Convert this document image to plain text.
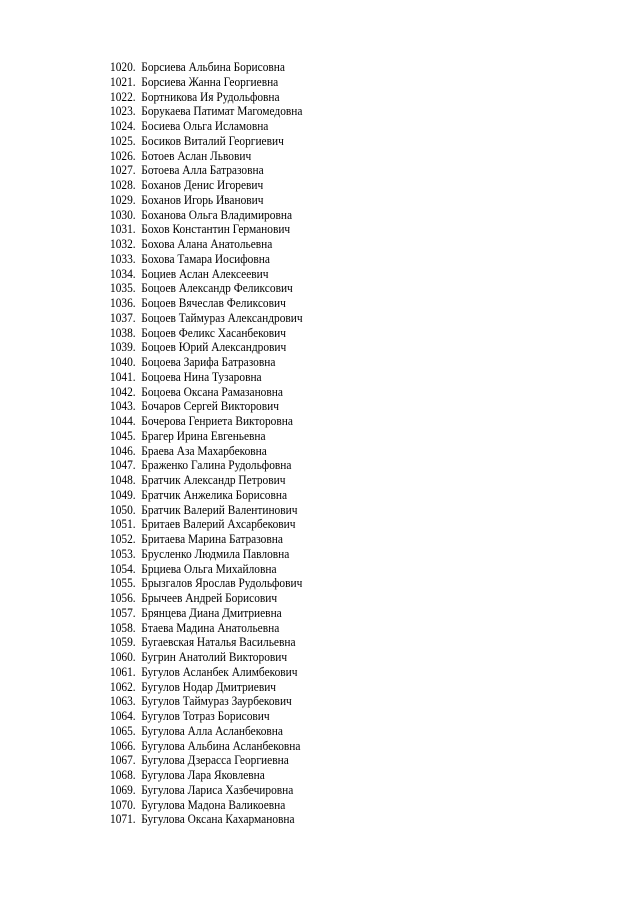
1020. Борсиева Альбина Борисовна
1021. Борсиева Жанна Георгиевна
1022. Бортникова Ия Рудольфовна
1023. Борукаева Патимат Магомедовна
1024. Босиева Ольга Исламовна
1025. Босиков Виталий Георгиевич
1026. Ботоев Аслан Львович
1027. Ботоева Алла Батразовна
1028. Боханов Денис Игоревич
1029. Боханов Игорь Иванович
1030. Боханова Ольга Владимировна
1031. Бохов Константин Германович
1032. Бохова Алана Анатольевна
1033. Бохова Тамара Иосифовна
1034. Боциев Аслан Алексеевич
1035. Боцоев Александр Феликсович
1036. Боцоев Вячеслав Феликсович
1037. Боцоев Таймураз Александрович
1038. Боцоев Феликс Хасанбекович
1039. Боцоев Юрий Александрович
1040. Боцоева Зарифа Батразовна
1041. Боцоева Нина Тузаровна
1042. Боцоева Оксана Рамазановна
1043. Бочаров Сергей Викторович
1044. Бочерова Генриета Викторовна
1045. Брагер Ирина Евгеньевна
1046. Браева Аза Махарбековна
1047. Браженко Галина Рудольфовна
1048. Братчик Александр Петрович
1049. Братчик Анжелика Борисовна
1050. Братчик Валерий Валентинович
1051. Бритаев Валерий Ахсарбекович
1052. Бритаева Марина Батразовна
1053. Брусленко Людмила Павловна
1054. Брциева Ольга Михайловна
1055. Брызгалов Ярослав Рудольфович
1056. Брычеев Андрей Борисович
1057. Брянцева Диана Дмитриевна
1058. Бтаева Мадина Анатольевна
1059. Бугаевская Наталья Васильевна
1060. Бугрин Анатолий Викторович
1061. Бугулов Асланбек Алимбекович
1062. Бугулов Нодар Дмитриевич
1063. Бугулов Таймураз Заурбекович
1064. Бугулов Тотраз Борисович
1065. Бугулова Алла Асланбековна
1066. Бугулова Альбина Асланбековна
1067. Бугулова Дзерасса Георгиевна
1068. Бугулова Лара Яковлевна
1069. Бугулова Лариса Хазбечировна
1070. Бугулова Мадона Валикоевна
1071. Бугулова Оксана Кахармановна
